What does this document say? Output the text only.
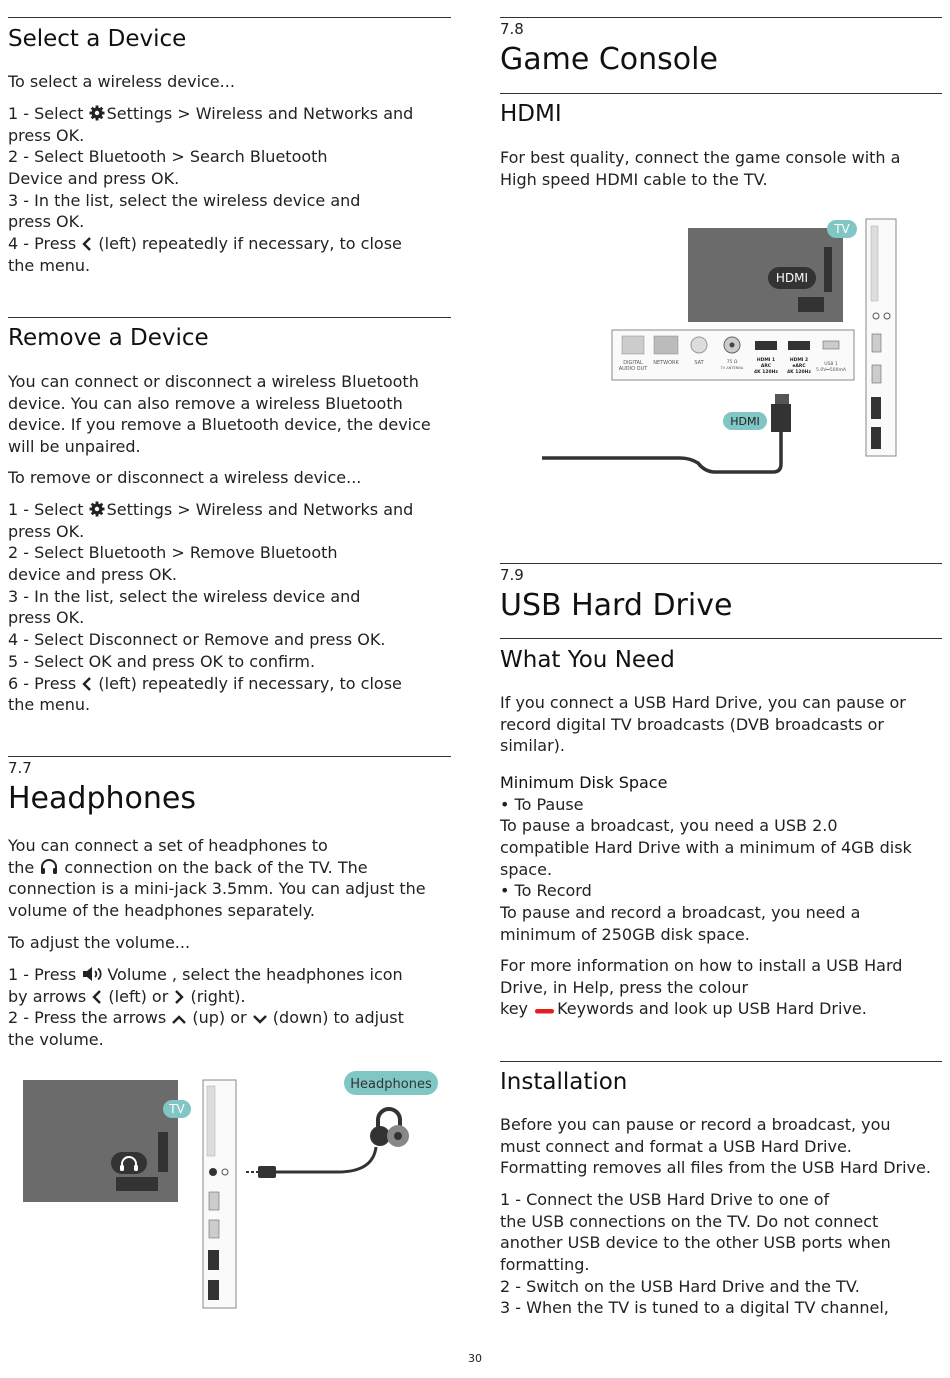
Select a Device
To select a wireless device...
1 - Select Settings > Wireless and Networks and
press OK.
2 - Select Bluetooth > Search Bluetooth
Device and press OK.
3 - In the list, select the wireless device and
press OK.
4 - Press  (left) repeatedly if necessary, to close
the menu.
Remove a Device
You can connect or disconnect a wireless Bluetooth
device. You can also remove a wireless Bluetooth
device. If you remove a Bluetooth device, the device
will be unpaired.
To remove or disconnect a wireless device...
1 - Select Settings > Wireless and Networks and
press OK.
2 - Select Bluetooth > Remove Bluetooth
device and press OK.
3 - In the list, select the wireless device and
press OK.
4 - Select Disconnect or Remove and press OK.
5 - Select OK and press OK to confirm.
6 - Press  (left) repeatedly if necessary, to close
the menu.
7.7
Headphones
You can connect a set of headphones to
the  connection on the back of the TV. The
connection is a mini-jack 3.5mm. You can adjust the
volume of the headphones separately.
To adjust the volume...
1 - Press Volume , select the headphones icon
by arrows  (left) or  (right).
2 - Press the arrows  (up) or  (down) to adjust
the volume.
TV
Headphones
7.8
Game Console
HDMI
For best quality, connect the game console with a
High speed HDMI cable to the TV.
HDMI
TV
DIGITAL
AUDIO OUT
NETWORK	SAT	75 Ω
TV ANTENNA
HDMI 1
ARC
4K 120Hz
HDMI 2
eARC
4K 120Hz
USB 1
5.0V⎓500mA
HDMI
7.9
USB Hard Drive
What You Need
If you connect a USB Hard Drive, you can pause or
record digital TV broadcasts (DVB broadcasts or
similar).
Minimum Disk Space
• To Pause
To pause a broadcast, you need a USB 2.0
compatible Hard Drive with a minimum of 4GB disk
space.
• To Record
To pause and record a broadcast, you need a
minimum of 250GB disk space.
For more information on how to install a USB Hard
Drive, in Help, press the colour
key Keywords and look up USB Hard Drive.
Installation
Before you can pause or record a broadcast, you
must connect and format a USB Hard Drive.
Formatting removes all files from the USB Hard Drive.
1 - Connect the USB Hard Drive to one of
the USB connections on the TV. Do not connect
another USB device to the other USB ports when
formatting.
2 - Switch on the USB Hard Drive and the TV.
3 - When the TV is tuned to a digital TV channel,
30
